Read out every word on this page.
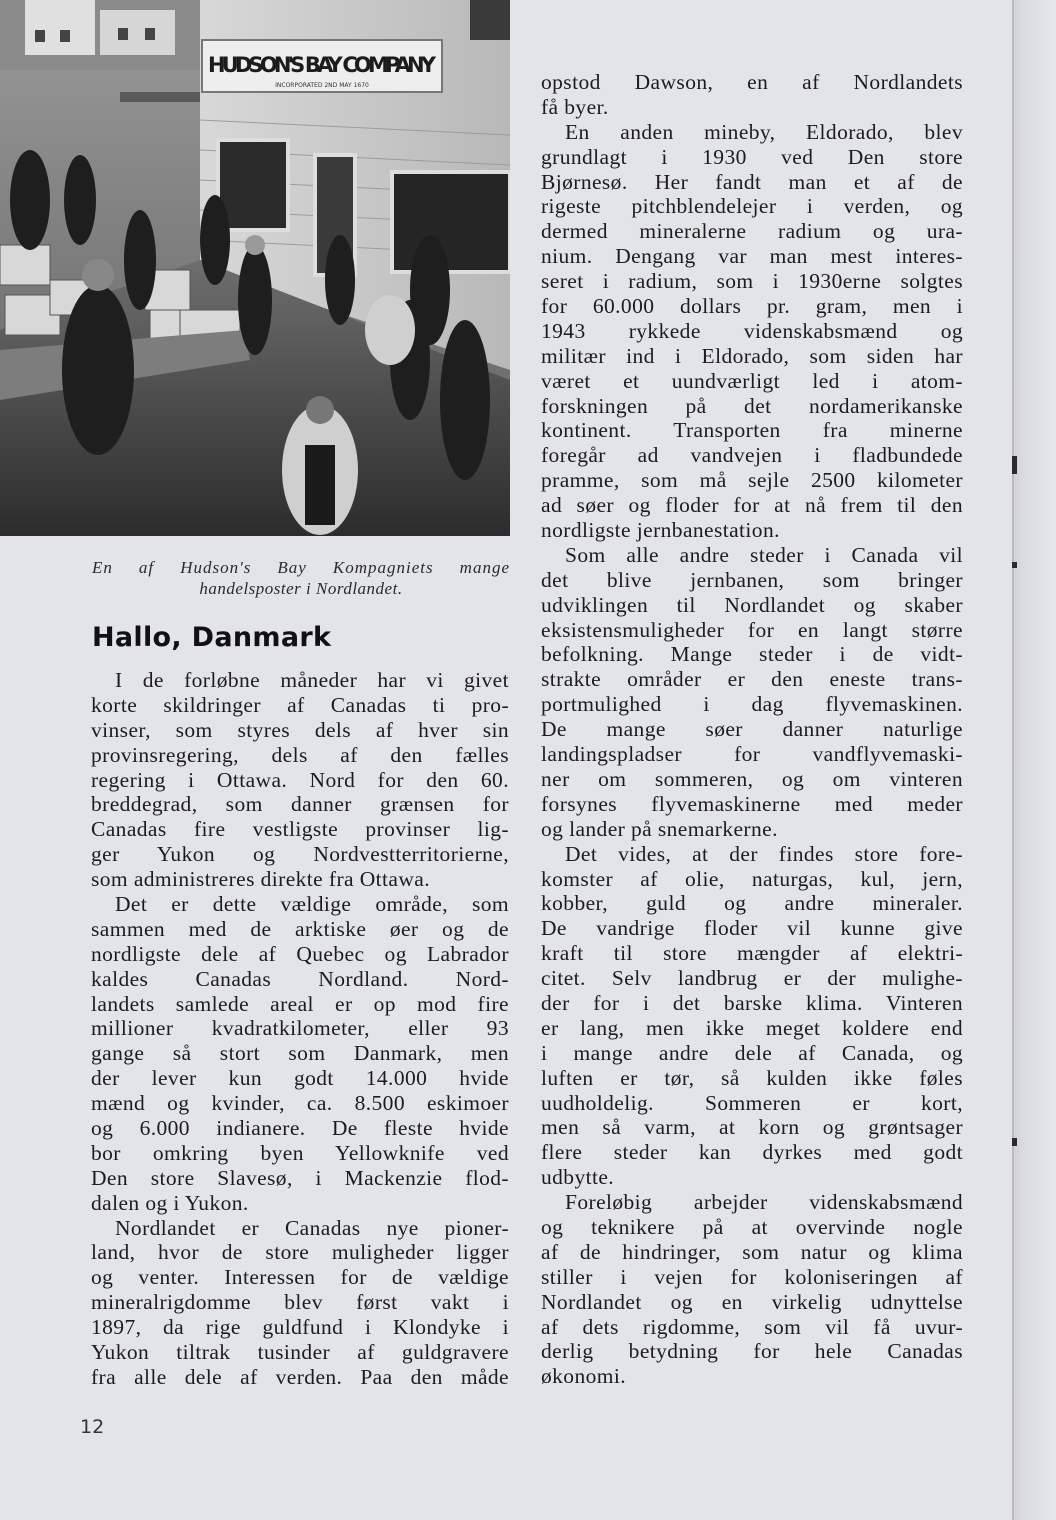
HUDSON'S BAY COMPANY
INCORPORATED 2ND MAY 1670
En af Hudson's Bay Kompagniets mange
handelsposter i Nordlandet.
Hallo, Danmark
I de forløbne måneder har vi givet
korte skildringer af Canadas ti pro-
vinser, som styres dels af hver sin
provinsregering, dels af den fælles
regering i Ottawa. Nord for den 60.
breddegrad, som danner grænsen for
Canadas fire vestligste provinser lig-
ger Yukon og Nordvestterritorierne,
som administreres direkte fra Ottawa.
Det er dette vældige område, som
sammen med de arktiske øer og de
nordligste dele af Quebec og Labrador
kaldes Canadas Nordland. Nord-
landets samlede areal er op mod fire
millioner kvadratkilometer, eller 93
gange så stort som Danmark, men
der lever kun godt 14.000 hvide
mænd og kvinder, ca. 8.500 eskimoer
og 6.000 indianere. De fleste hvide
bor omkring byen Yellowknife ved
Den store Slavesø, i Mackenzie flod-
dalen og i Yukon.
Nordlandet er Canadas nye pioner-
land, hvor de store muligheder ligger
og venter. Interessen for de vældige
mineralrigdomme blev først vakt i
1897, da rige guldfund i Klondyke i
Yukon tiltrak tusinder af guldgravere
fra alle dele af verden. Paa den måde
opstod Dawson, en af Nordlandets
få byer.
En anden mineby, Eldorado, blev
grundlagt i 1930 ved Den store
Bjørnesø. Her fandt man et af de
rigeste pitchblendelejer i verden, og
dermed mineralerne radium og ura-
nium. Dengang var man mest interes-
seret i radium, som i 1930erne solgtes
for 60.000 dollars pr. gram, men i
1943 rykkede videnskabsmænd og
militær ind i Eldorado, som siden har
været et uundværligt led i atom-
forskningen på det nordamerikanske
kontinent. Transporten fra minerne
foregår ad vandvejen i fladbundede
pramme, som må sejle 2500 kilometer
ad søer og floder for at nå frem til den
nordligste jernbanestation.
Som alle andre steder i Canada vil
det blive jernbanen, som bringer
udviklingen til Nordlandet og skaber
eksistensmuligheder for en langt større
befolkning. Mange steder i de vidt-
strakte områder er den eneste trans-
portmulighed i dag flyvemaskinen.
De mange søer danner naturlige
landingspladser for vandflyvemaski-
ner om sommeren, og om vinteren
forsynes flyvemaskinerne med meder
og lander på snemarkerne.
Det vides, at der findes store fore-
komster af olie, naturgas, kul, jern,
kobber, guld og andre mineraler.
De vandrige floder vil kunne give
kraft til store mængder af elektri-
citet. Selv landbrug er der mulighe-
der for i det barske klima. Vinteren
er lang, men ikke meget koldere end
i mange andre dele af Canada, og
luften er tør, så kulden ikke føles
uudholdelig. Sommeren er kort,
men så varm, at korn og grøntsager
flere steder kan dyrkes med godt
udbytte.
Foreløbig arbejder videnskabsmænd
og teknikere på at overvinde nogle
af de hindringer, som natur og klima
stiller i vejen for koloniseringen af
Nordlandet og en virkelig udnyttelse
af dets rigdomme, som vil få uvur-
derlig betydning for hele Canadas
økonomi.
12
